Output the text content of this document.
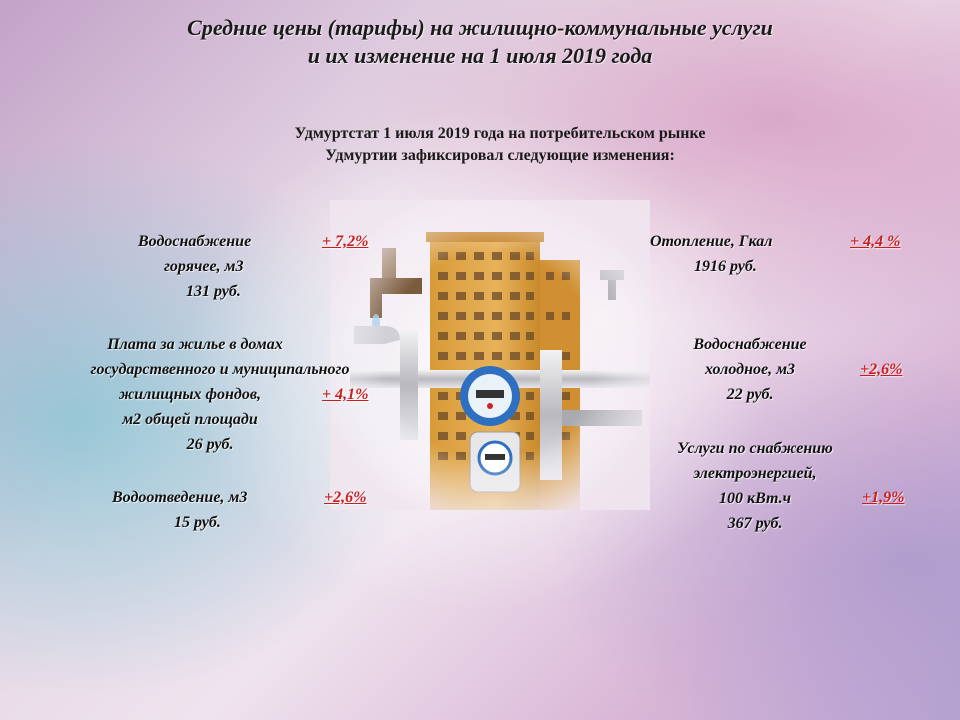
Средние цены (тарифы) на жилищно-коммунальные услуги
и их изменение на 1 июля 2019 года
Удмуртстат 1 июля 2019 года на потребительском рынке
Удмуртии зафиксировал следующие изменения:
Водоснабжение
горячее, м3
131 руб.
+ 7,2%
Плата за жилье в домах
государственного и муниципального
жилищных фондов,
м2 общей площади
26 руб.
+ 4,1%
Водоотведение, м3
15 руб.
+2,6%
Отопление, Гкал
1916 руб.
+ 4,4 %
Водоснабжение
холодное, м3
22 руб.
+2,6%
Услуги по снабжению
электроэнергией,
100 кВт.ч
367 руб.
+1,9%
